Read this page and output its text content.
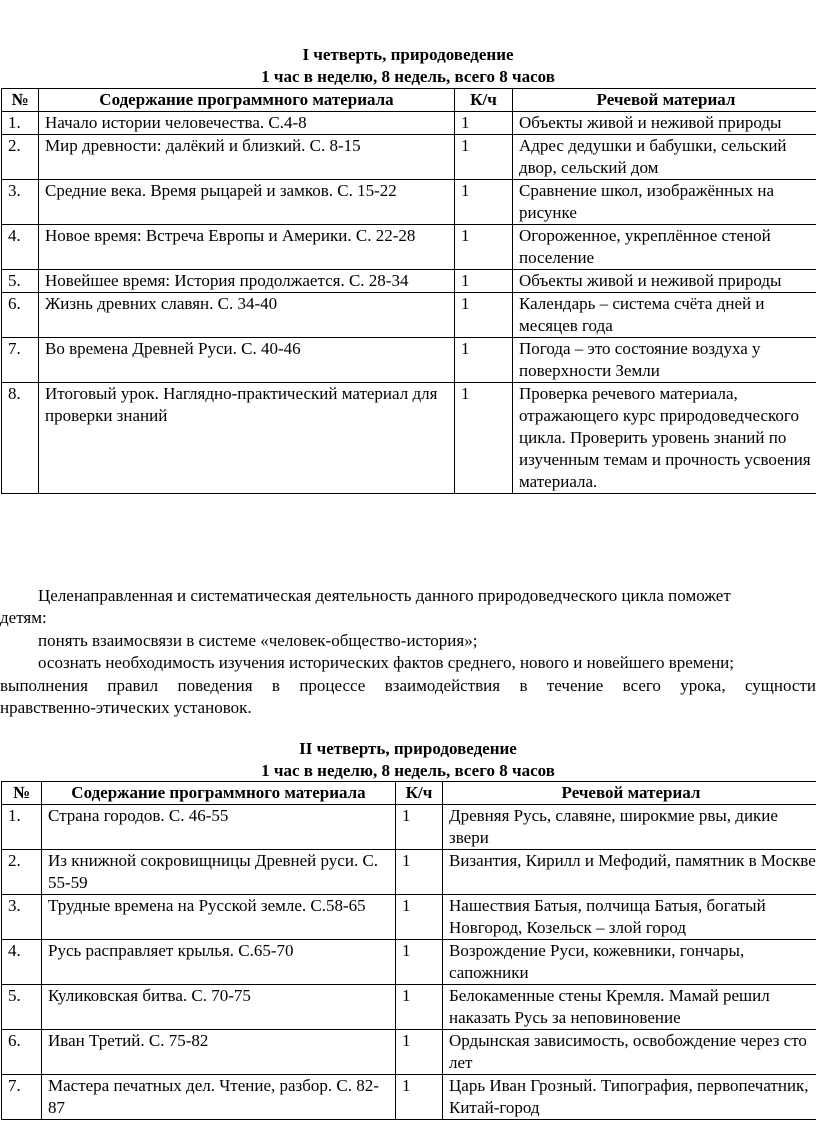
I четверть, природоведение
1 час в неделю, 8 недель, всего 8 часов
№	Содержание программного материала	К/ч	Речевой материал
1.	Начало истории человечества. С.4-8	1	Объекты живой и неживой природы
2.	Мир древности: далёкий и близкий. С. 8-15	1	Адрес дедушки и бабушки, сельский двор, сельский дом
3.	Средние века. Время рыцарей и замков. С. 15-22	1	Сравнение школ, изображённых на рисунке
4.	Новое время: Встреча Европы и Америки. С. 22-28	1	Огороженное, укреплённое стеной поселение
5.	Новейшее время: История продолжается. С. 28-34	1	Объекты живой и неживой природы
6.	Жизнь древних славян. С. 34-40	1	Календарь – система счёта дней и месяцев года
7.	Во времена Древней Руси. С. 40-46	1	Погода – это состояние воздуха у поверхности Земли
8.	Итоговый урок. Наглядно-практический материал для проверки знаний	1	Проверка речевого материала, отражающего курс природоведческого цикла. Проверить уровень знаний по изученным темам и прочность усвоения материала.
Целенаправленная и систематическая деятельность данного природоведческого цикла поможет
детям:
понять взаимосвязи в системе «человек-общество-история»;
осознать необходимость изучения исторических фактов среднего, нового и новейшего времени;
выполнения правил поведения в процессе взаимодействия в течение всего урока, сущности
нравственно-этических установок.
II четверть, природоведение
1 час в неделю, 8 недель, всего 8 часов
№	Содержание программного материала	К/ч	Речевой материал
1.	Страна городов. С. 46-55	1	Древняя Русь, славяне, широкмие рвы, дикие звери
2.	Из книжной сокровищницы Древней руси. С. 55-59	1	Византия, Кирилл и Мефодий, памятник в Москве
3.	Трудные времена на Русской земле. С.58-65	1	Нашествия Батыя, полчища Батыя, богатый Новгород, Козельск – злой город
4.	Русь расправляет крылья. С.65-70	1	Возрождение Руси, кожевники, гончары, сапожники
5.	Куликовская битва. С. 70-75	1	Белокаменные стены Кремля. Мамай решил наказать Русь за неповиновение
6.	Иван Третий. С. 75-82	1	Ордынская зависимость, освобождение через сто лет
7.	Мастера печатных дел. Чтение, разбор. С. 82-87	1	Царь Иван Грозный. Типография, первопечатник, Китай-город
